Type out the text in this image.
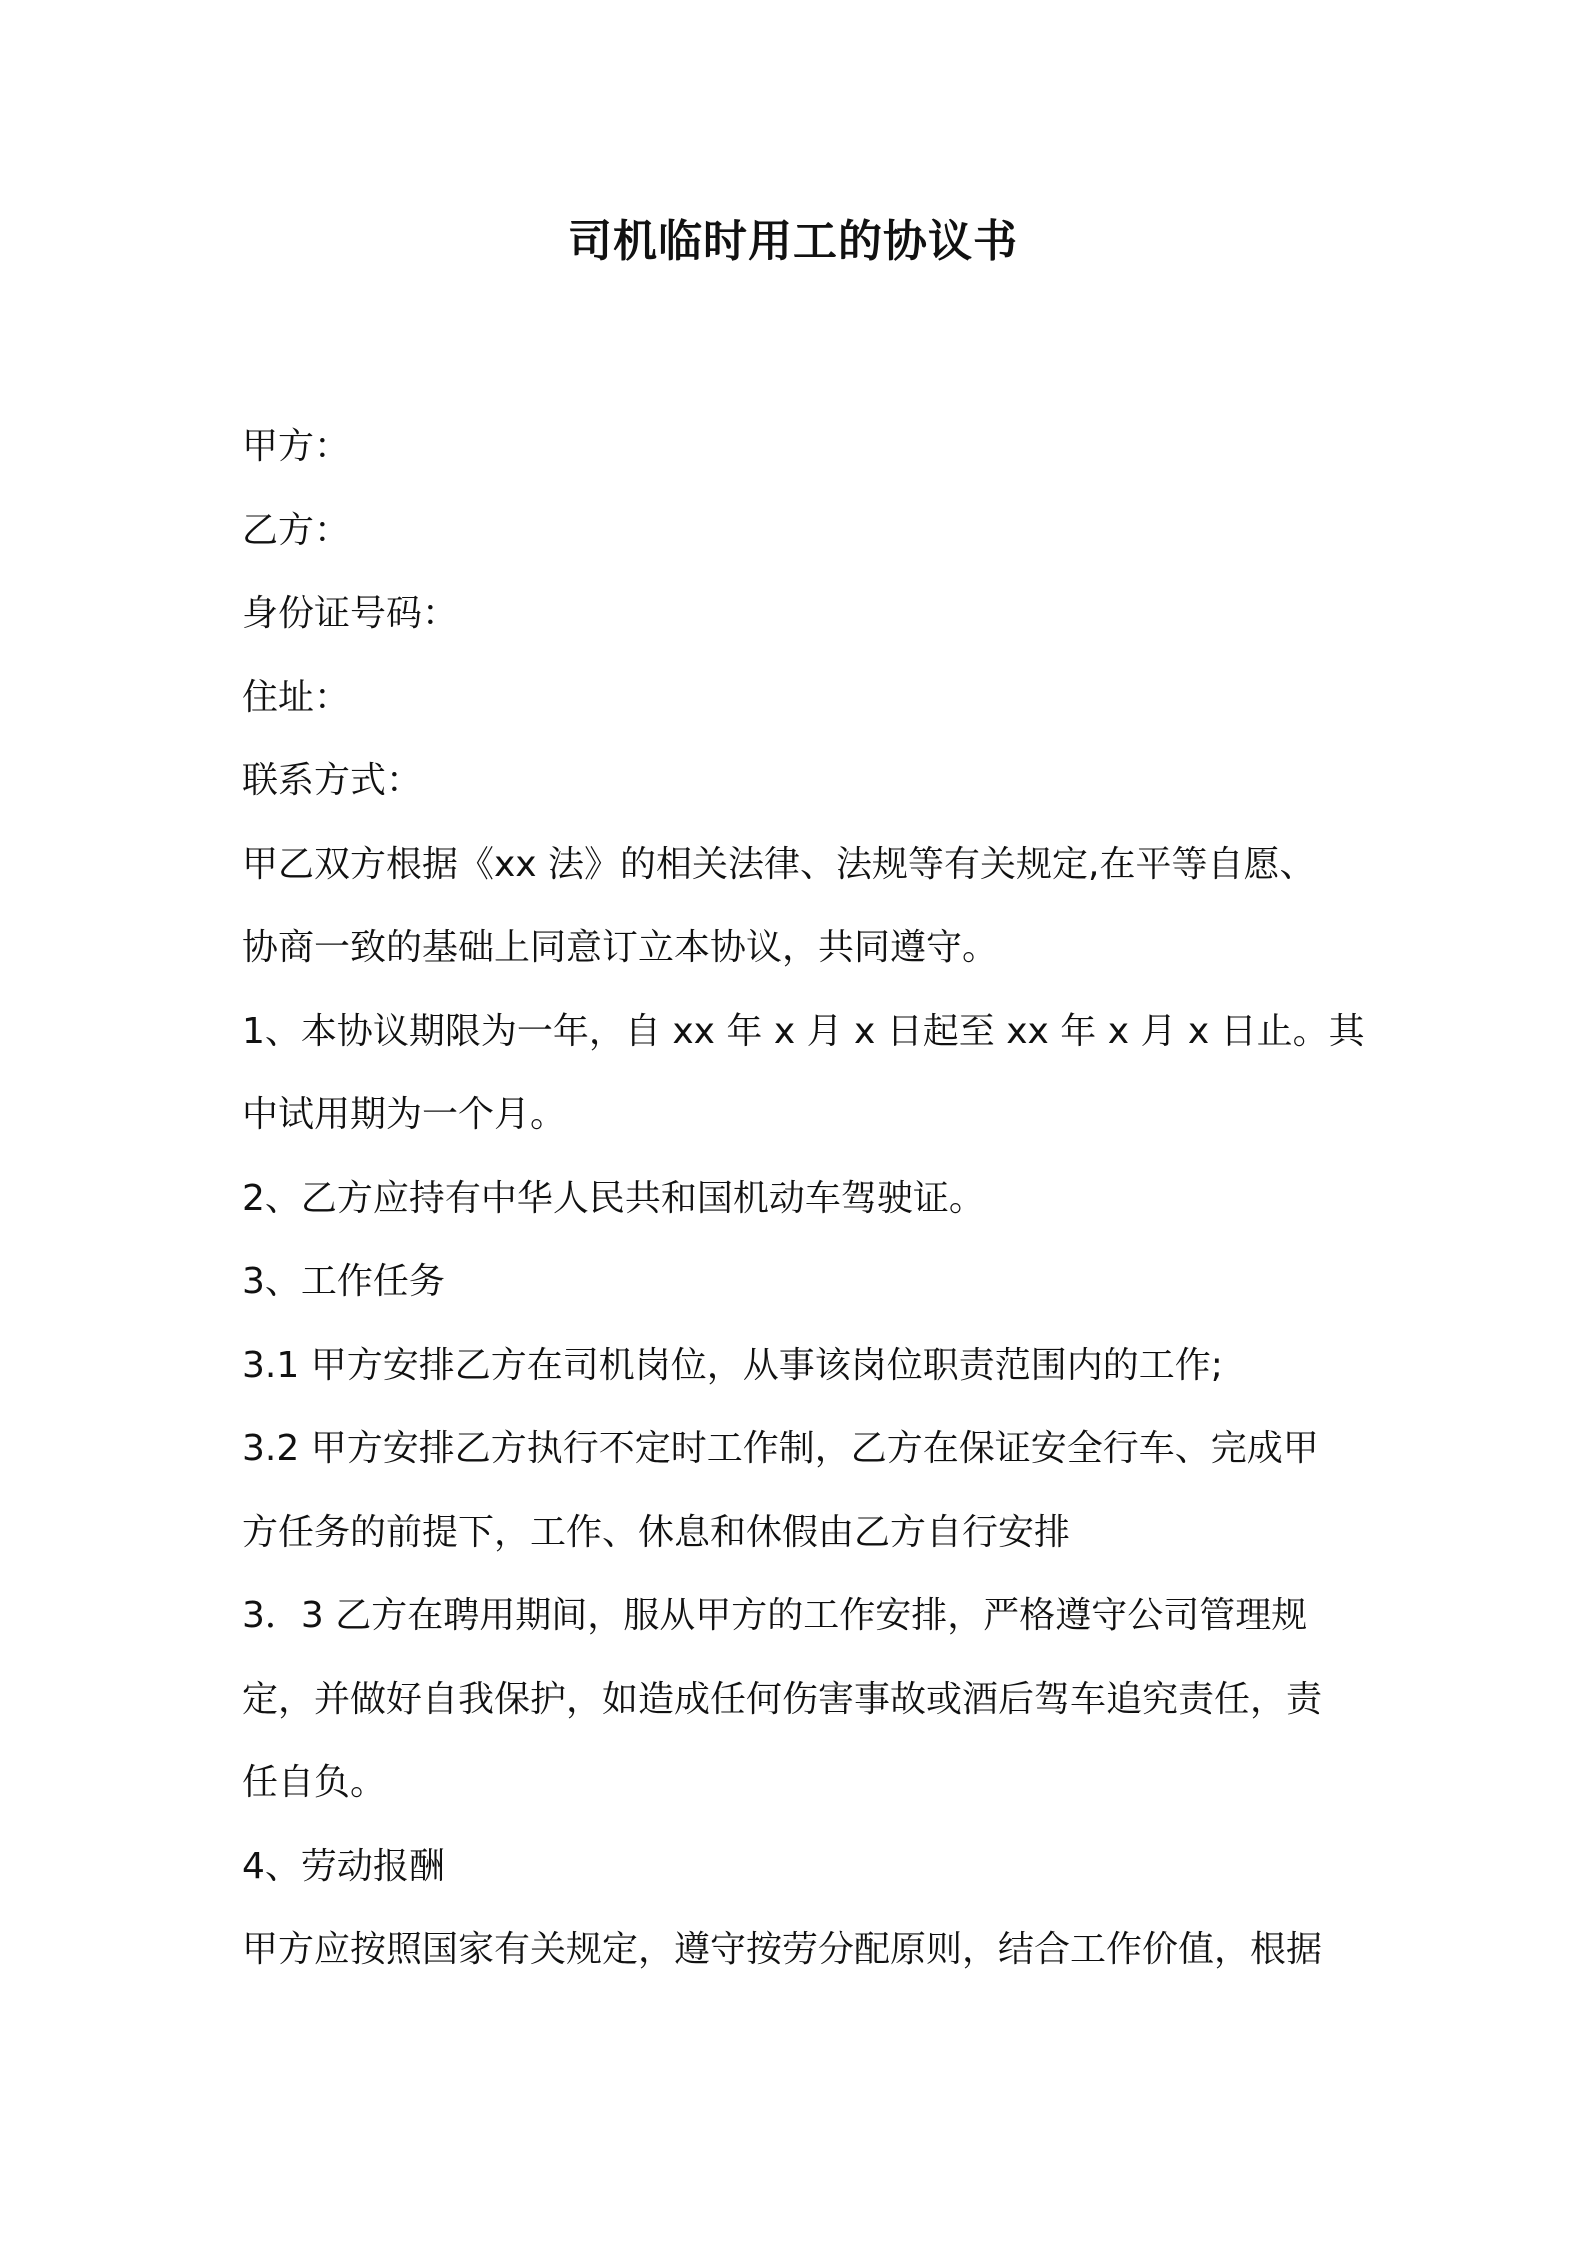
司机临时用工的协议书
甲方：
乙方：
身份证号码：
住址：
联系方式：
甲乙双方根据《xx 法》的相关法律、法规等有关规定,在平等自愿、
协商一致的基础上同意订立本协议，共同遵守。
1、本协议期限为一年，自 xx 年 x 月 x 日起至 xx 年 x 月 x 日止。其
中试用期为一个月。
2、乙方应持有中华人民共和国机动车驾驶证。
3、工作任务
3.1 甲方安排乙方在司机岗位，从事该岗位职责范围内的工作;
3.2 甲方安排乙方执行不定时工作制，乙方在保证安全行车、完成甲
方任务的前提下，工作、休息和休假由乙方自行安排
3．3 乙方在聘用期间，服从甲方的工作安排，严格遵守公司管理规
定，并做好自我保护，如造成任何伤害事故或酒后驾车追究责任，责
任自负。
4、劳动报酬
甲方应按照国家有关规定，遵守按劳分配原则，结合工作价值，根据
